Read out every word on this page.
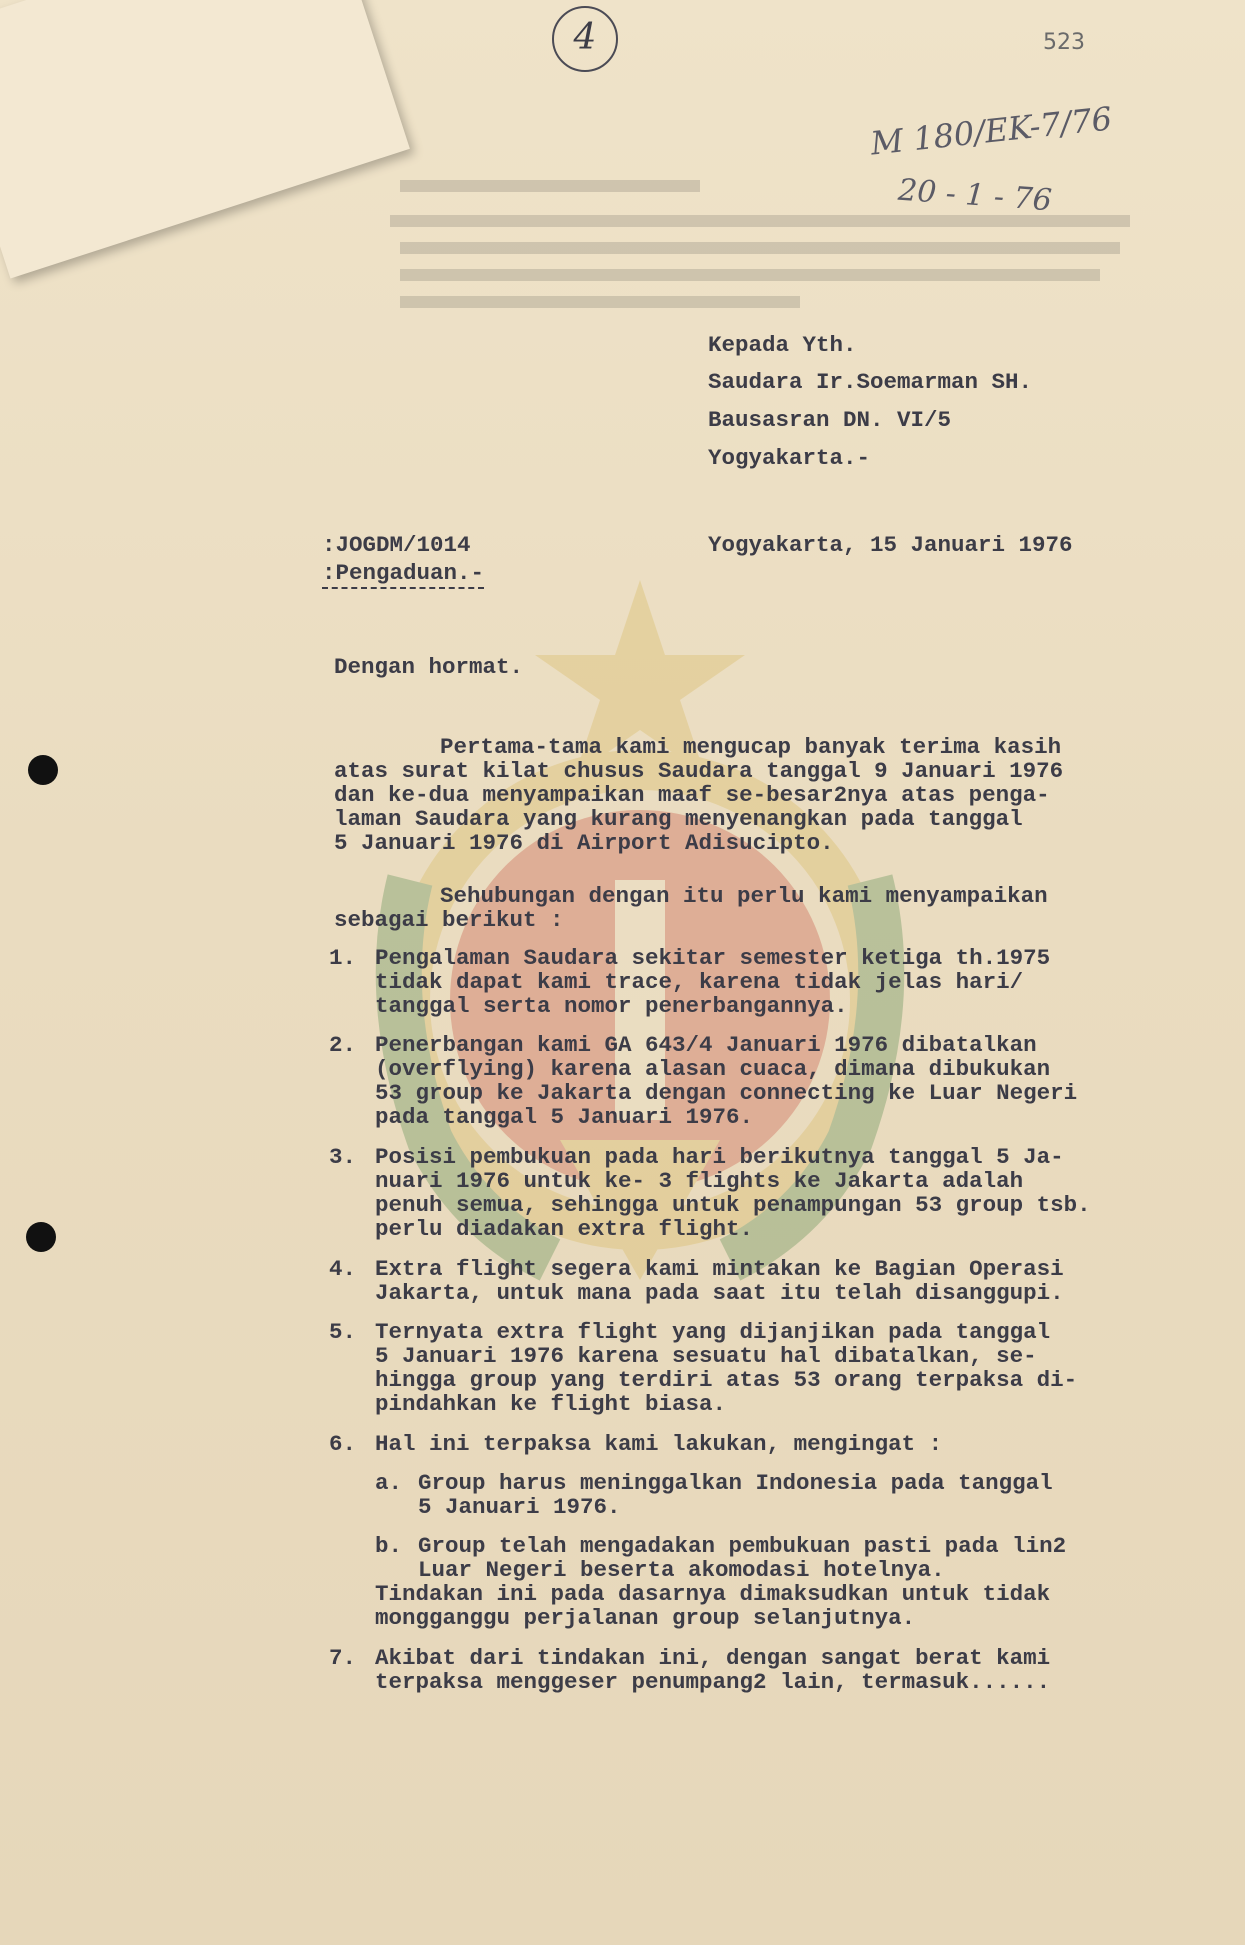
4	523
M 180/EK-7/76
20 - 1 - 76
Kepada Yth.
Saudara Ir.Soemarman SH.
Bausasran DN. VI/5
Yogyakarta.-
:JOGDM/1014
:Pengaduan.-
Yogyakarta, 15 Januari 1976
Dengan hormat.
Pertama-tama kami mengucap banyak terima kasih
atas surat kilat chusus Saudara tanggal 9 Januari 1976
dan ke-dua menyampaikan maaf se-besar2nya atas penga-
laman Saudara yang kurang menyenangkan pada tanggal
5 Januari 1976 di Airport Adisucipto.
Sehubungan dengan itu perlu kami menyampaikan
sebagai berikut :
1. Pengalaman Saudara sekitar semester ketiga th.1975
tidak dapat kami trace, karena tidak jelas hari/
tanggal serta nomor penerbangannya.
2. Penerbangan kami GA 643/4 Januari 1976 dibatalkan
(overflying) karena alasan cuaca, dimana dibukukan
53 group ke Jakarta dengan connecting ke Luar Negeri
pada tanggal 5 Januari 1976.
3. Posisi pembukuan pada hari berikutnya tanggal 5 Ja-
nuari 1976 untuk ke- 3 flights ke Jakarta adalah
penuh semua, sehingga untuk penampungan 53 group tsb.
perlu diadakan extra flight.
4. Extra flight segera kami mintakan ke Bagian Operasi
Jakarta, untuk mana pada saat itu telah disanggupi.
5. Ternyata extra flight yang dijanjikan pada tanggal
5 Januari 1976 karena sesuatu hal dibatalkan, se-
hingga group yang terdiri atas 53 orang terpaksa di-
pindahkan ke flight biasa.
6. Hal ini terpaksa kami lakukan, mengingat :
a. Group harus meninggalkan Indonesia pada tanggal
5 Januari 1976.
b. Group telah mengadakan pembukuan pasti pada lin2
Luar Negeri beserta akomodasi hotelnya.
Tindakan ini pada dasarnya dimaksudkan untuk tidak
mongganggu perjalanan group selanjutnya.
7. Akibat dari tindakan ini, dengan sangat berat kami
terpaksa menggeser penumpang2 lain, termasuk......
